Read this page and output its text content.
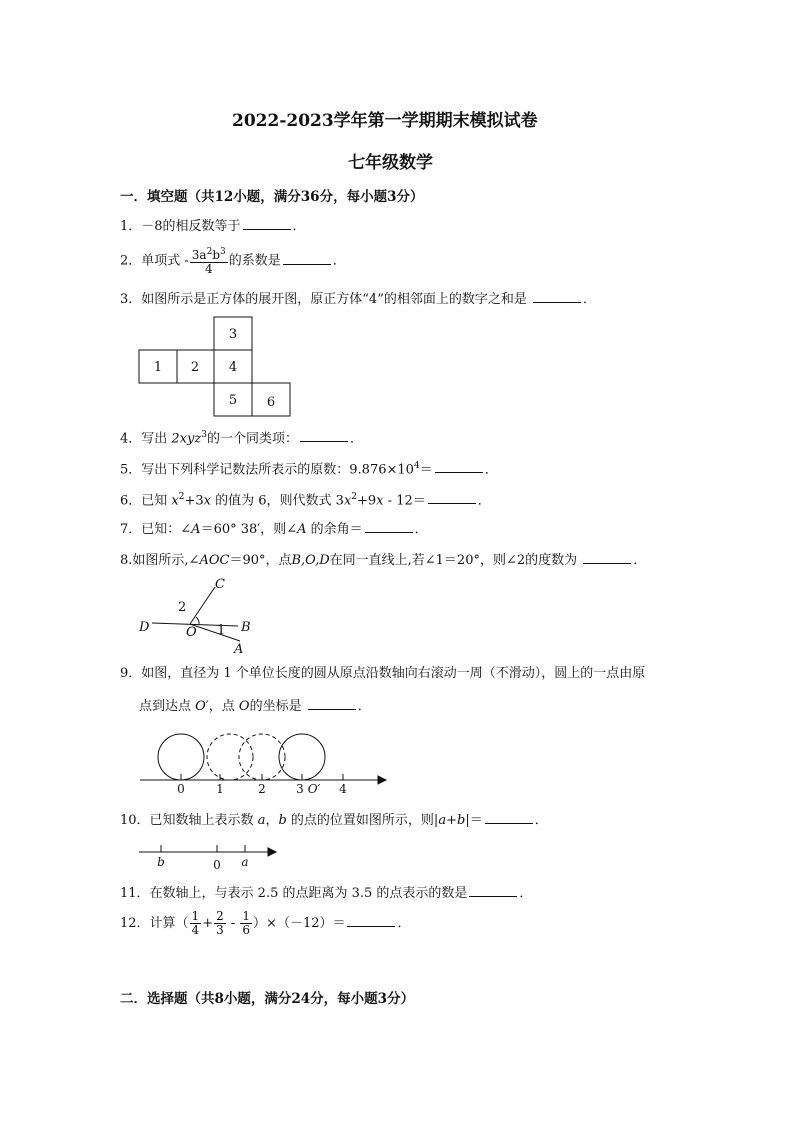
2022-2023学年第一学期期末模拟试卷
七年级数学
一．填空题（共12小题，满分36分，每小题3分）
1．－8的相反数等于	．
2．单项式 - $\frac{3a^2b^3}{4}$ 的系数是	．
3．如图所示是正方体的展开图，原正方体“4”的相邻面上的数字之和是	．
3
1 2 4
5 6
C
2
D	O 1 B
A
0	1	2	3 O′ 4
b	0 a
4．写出 2xyz$^3$的一个同类项：	．
5．写出下列科学记数法所表示的原数：$9.876\times 10^4=$	．
6．已知 $x^2+3x$ 的值为 6，则代数式 $3x^2+9x - 12=$	．
7．已知：∠A＝60° 38′，则∠A 的余角＝	．
8.如图所示,∠AOC＝90°，点B,O,D在同一直线上,若∠1＝20°，则∠2的度数为	．
9．如图，直径为 1 个单位长度的圆从原点沿数轴向右滚动一周（不滑动），圆上的一点由原
点到达点 O′，点 O的坐标是	．
10．已知数轴上表示数 a，b 的点的位置如图所示，则|a+b|＝	．
11．在数轴上，与表示 2.5 的点距离为 3.5 的点表示的数是	．
12．计算（ $\frac{1}{4} + \frac{2}{3} - \frac{1}{6} )\times(-12)=$	．
二．选择题（共8小题，满分24分，每小题3分）
